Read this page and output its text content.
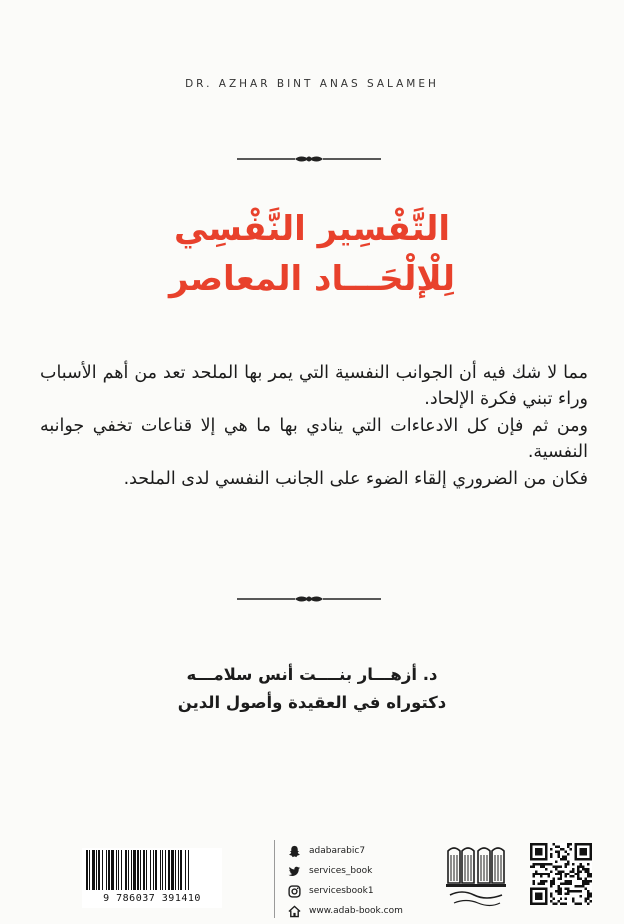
DR. AZHAR BINT ANAS SALAMEH
التَّفْسِير النَّفْسِي
لِلْإلْحَـــاد المعاصر

مما لا شك فيه أن الجوانب النفسية التي يمر بها الملحد تعد من أهم الأسباب وراء تبني فكرة الإلحاد.

ومن ثم فإن كل الادعاءات التي ينادي بها ما هي إلا قناعات تخفي جوانبه النفسية.

فكان من الضروري إلقاء الضوء على الجانب النفسي لدى الملحد.

د. أزهـــار بنــــت أنس سلامـــه
دكتوراه في العقيدة وأصول الدين
9 786037 391410
adabarabic7
services_book
servicesbook1
www.adab-book.com
